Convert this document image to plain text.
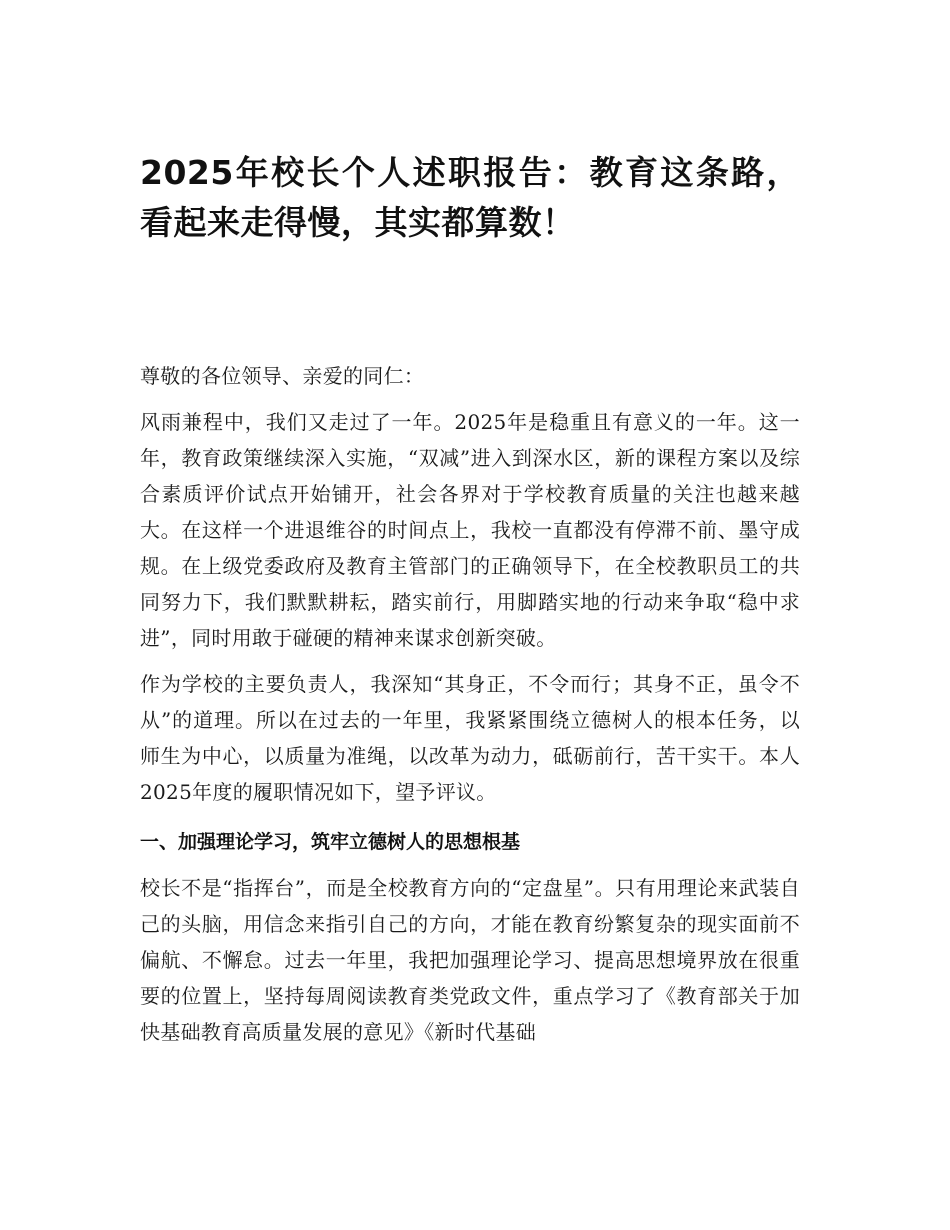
2025年校长个人述职报告：教育这条路，看起来走得慢，其实都算数！

尊敬的各位领导、亲爱的同仁：

风雨兼程中，我们又走过了一年。2025年是稳重且有意义的一年。这一年，教育政策继续深入实施，“双减”进入到深水区，新的课程方案以及综合素质评价试点开始铺开，社会各界对于学校教育质量的关注也越来越大。在这样一个进退维谷的时间点上，我校一直都没有停滞不前、墨守成规。在上级党委政府及教育主管部门的正确领导下，在全校教职员工的共同努力下，我们默默耕耘，踏实前行，用脚踏实地的行动来争取“稳中求进”，同时用敢于碰硬的精神来谋求创新突破。

作为学校的主要负责人，我深知“其身正，不令而行；其身不正，虽令不从”的道理。所以在过去的一年里，我紧紧围绕立德树人的根本任务，以师生为中心，以质量为准绳，以改革为动力，砥砺前行，苦干实干。本人2025年度的履职情况如下，望予评议。

一、加强理论学习，筑牢立德树人的思想根基

校长不是“指挥台”，而是全校教育方向的“定盘星”。只有用理论来武装自己的头脑，用信念来指引自己的方向，才能在教育纷繁复杂的现实面前不偏航、不懈怠。过去一年里，我把加强理论学习、提高思想境界放在很重要的位置上，坚持每周阅读教育类党政文件，重点学习了《教育部关于加快基础教育高质量发展的意见》《新时代基础
